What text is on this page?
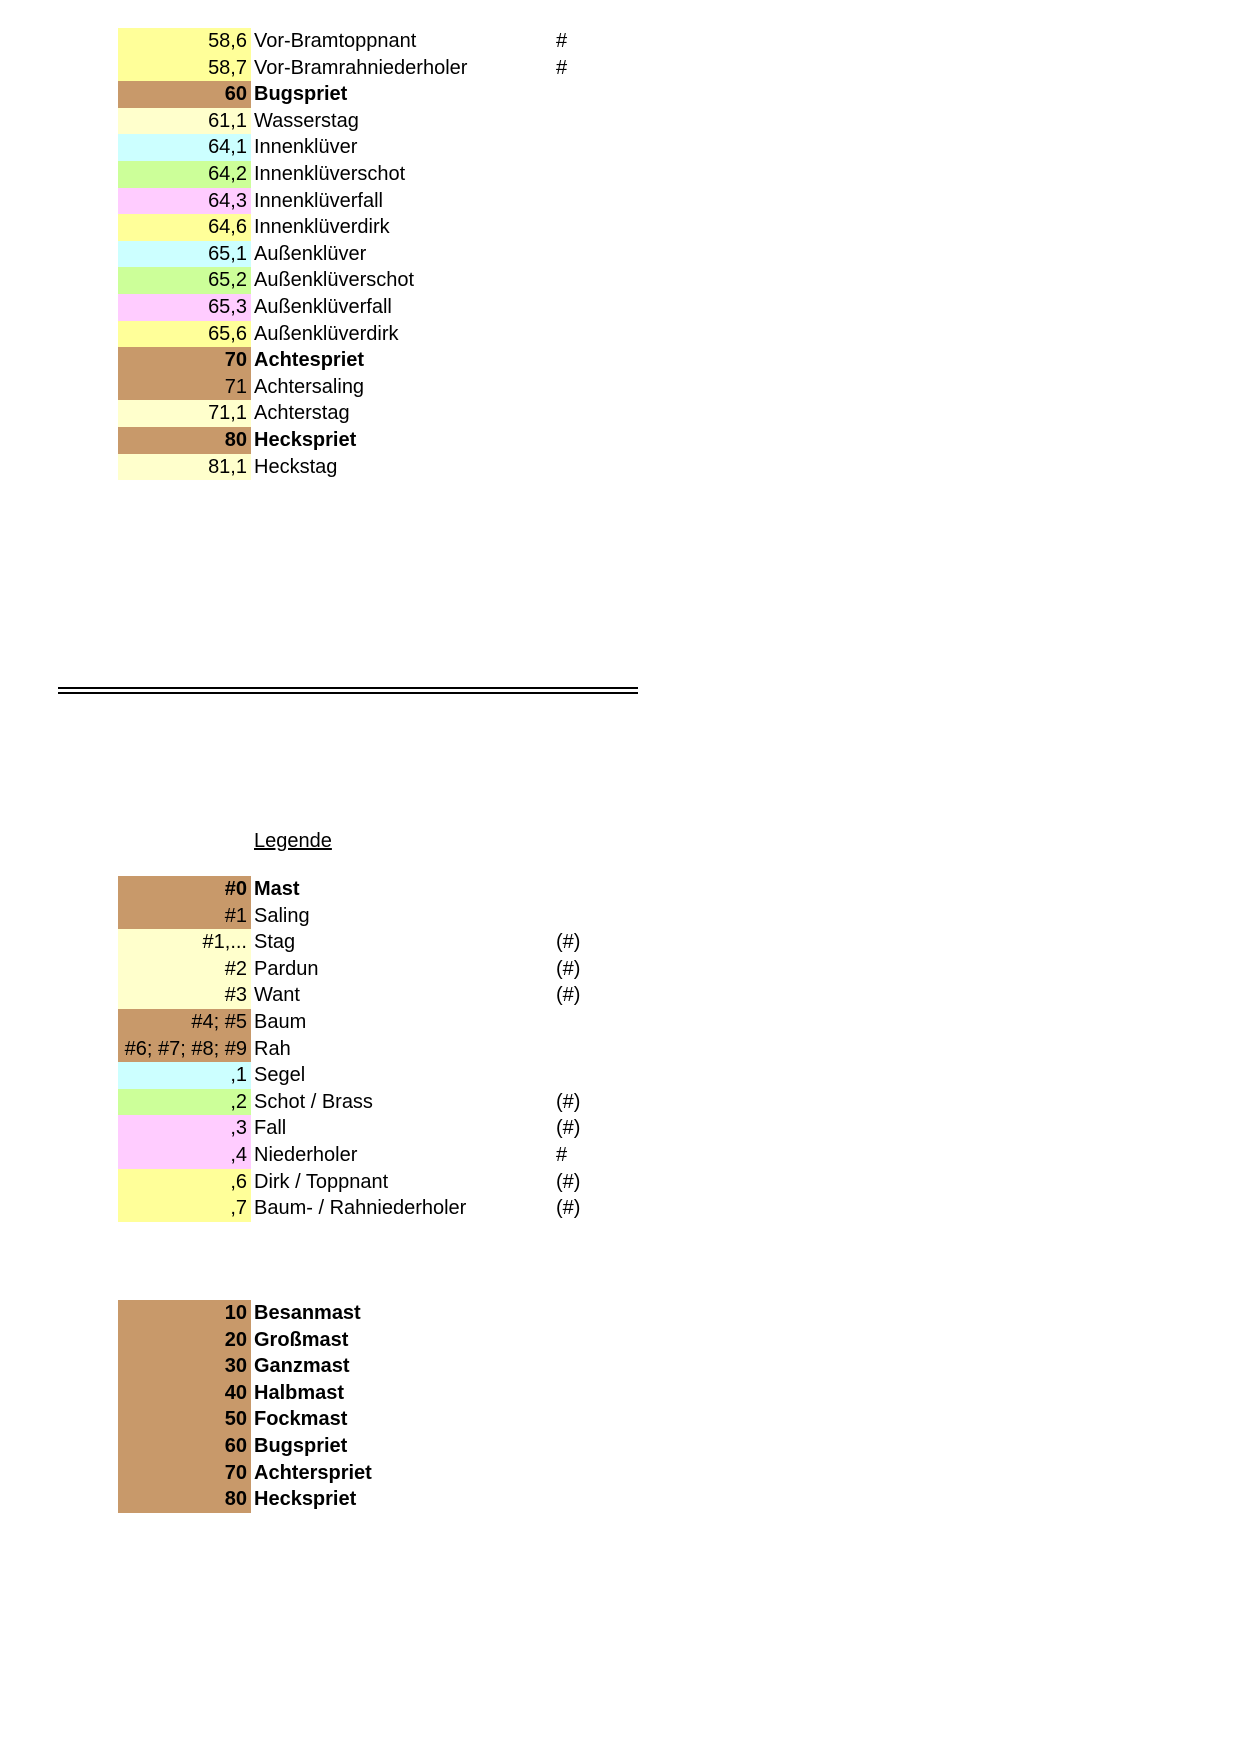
58,6 Vor-Bramtoppnant	#
58,7 Vor-Bramrahniederholer	#
60 Bugspriet
61,1 Wasserstag
64,1 Innenklüver
64,2 Innenklüverschot
64,3 Innenklüverfall
64,6 Innenklüverdirk
65,1 Außenklüver
65,2 Außenklüverschot
65,3 Außenklüverfall
65,6 Außenklüverdirk
70 Achtespriet
71 Achtersaling
71,1 Achterstag
80 Heckspriet
81,1 Heckstag
Legende
#0 Mast
#1 Saling
#1,... Stag	(#)
#2 Pardun	(#)
#3 Want	(#)
#4; #5 Baum
#6; #7; #8; #9 Rah
,1 Segel
,2 Schot / Brass	(#)
,3 Fall	(#)
,4 Niederholer	#
,6 Dirk / Toppnant	(#)
,7 Baum- / Rahniederholer	(#)
10 Besanmast
20 Großmast
30 Ganzmast
40 Halbmast
50 Fockmast
60 Bugspriet
70 Achterspriet
80 Heckspriet
